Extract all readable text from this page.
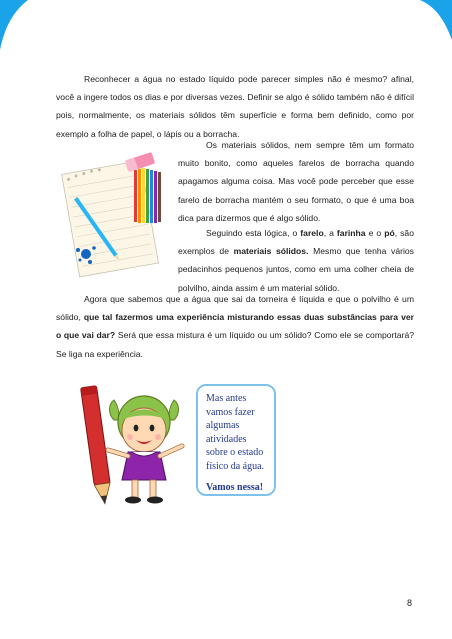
Reconhecer a água no estado líquido pode parecer simples não é mesmo? afinal, você a ingere todos os dias e por diversas vezes. Definir se algo é sólido também não é difícil pois, normalmente, os materiais sólidos têm superfície e forma bem definido, como por exemplo a folha de papel, o lápis ou a borracha.
Os materiais sólidos, nem sempre têm um formato muito bonito, como aqueles farelos de borracha quando apagamos alguma coisa. Mas você pode perceber que esse farelo de borracha mantém o seu formato, o que é uma boa dica para dizermos que é algo sólido.
Seguindo esta lógica, o farelo, a farinha e o pó, são exemplos de materiais sólidos. Mesmo que tenha vários pedacinhos pequenos juntos, como em uma colher cheia de polvilho, ainda assim é um material sólido.
Agora que sabemos que a água que sai da torneira é líquida e que o polvilho é um sólido, que tal fazermos uma experiência misturando essas duas substâncias para ver o que vai dar? Será que essa mistura é um líquido ou um sólido? Como ele se comportará? Se liga na experiência.
Mas antes vamos fazer algumas atividades sobre o estado físico da água.
Vamos nessa!
8
